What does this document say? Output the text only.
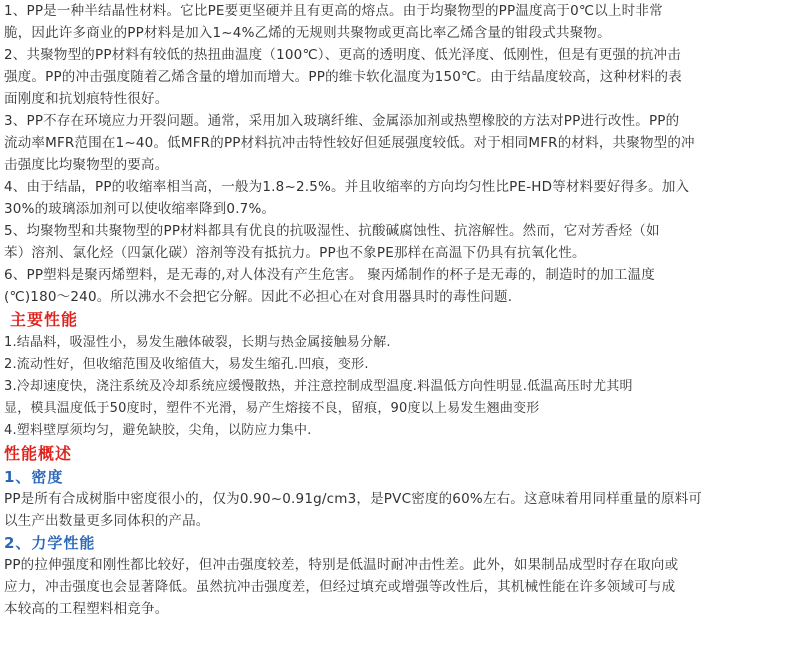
1、PP是一种半结晶性材料。它比PE要更坚硬并且有更高的熔点。由于均聚物型的PP温度高于0℃以上时非常
脆，因此许多商业的PP材料是加入1~4%乙烯的无规则共聚物或更高比率乙烯含量的钳段式共聚物。
2、共聚物型的PP材料有较低的热扭曲温度（100℃）、更高的透明度、低光泽度、低刚性，但是有更强的抗冲击
强度。PP的冲击强度随着乙烯含量的增加而增大。PP的维卡软化温度为150℃。由于结晶度较高，这种材料的表
面刚度和抗划痕特性很好。
3、PP不存在环境应力开裂问题。通常，采用加入玻璃纤维、金属添加剂或热塑橡胶的方法对PP进行改性。PP的
流动率MFR范围在1~40。低MFR的PP材料抗冲击特性较好但延展强度较低。对于相同MFR的材料，共聚物型的冲
击强度比均聚物型的要高。
4、由于结晶，PP的收缩率相当高，一般为1.8~2.5%。并且收缩率的方向均匀性比PE-HD等材料要好得多。加入
30%的玻璃添加剂可以使收缩率降到0.7%。
5、均聚物型和共聚物型的PP材料都具有优良的抗吸湿性、抗酸碱腐蚀性、抗溶解性。然而，它对芳香烃（如
苯）溶剂、氯化烃（四氯化碳）溶剂等没有抵抗力。PP也不象PE那样在高温下仍具有抗氧化性。
6、PP塑料是聚丙烯塑料，是无毒的,对人体没有产生危害。 聚丙烯制作的杯子是无毒的，制造时的加工温度
(℃)180～240。所以沸水不会把它分解。因此不必担心在对食用器具时的毒性问题.
主要性能
1.结晶料，吸湿性小，易发生融体破裂，长期与热金属接触易分解.
2.流动性好，但收缩范围及收缩值大，易发生缩孔.凹痕，变形.
3.冷却速度快，浇注系统及冷却系统应缓慢散热，并注意控制成型温度.料温低方向性明显.低温高压时尤其明
显，模具温度低于50度时，塑件不光滑，易产生熔接不良，留痕，90度以上易发生翘曲变形
4.塑料壁厚须均匀，避免缺胶，尖角，以防应力集中.
性能概述
1、密度
PP是所有合成树脂中密度很小的，仅为0.90~0.91g/cm3，是PVC密度的60%左右。这意味着用同样重量的原料可
以生产出数量更多同体积的产品。
2、力学性能
PP的拉伸强度和刚性都比较好，但冲击强度较差，特别是低温时耐冲击性差。此外，如果制品成型时存在取向或
应力，冲击强度也会显著降低。虽然抗冲击强度差，但经过填充或增强等改性后，其机械性能在许多领域可与成
本较高的工程塑料相竞争。
